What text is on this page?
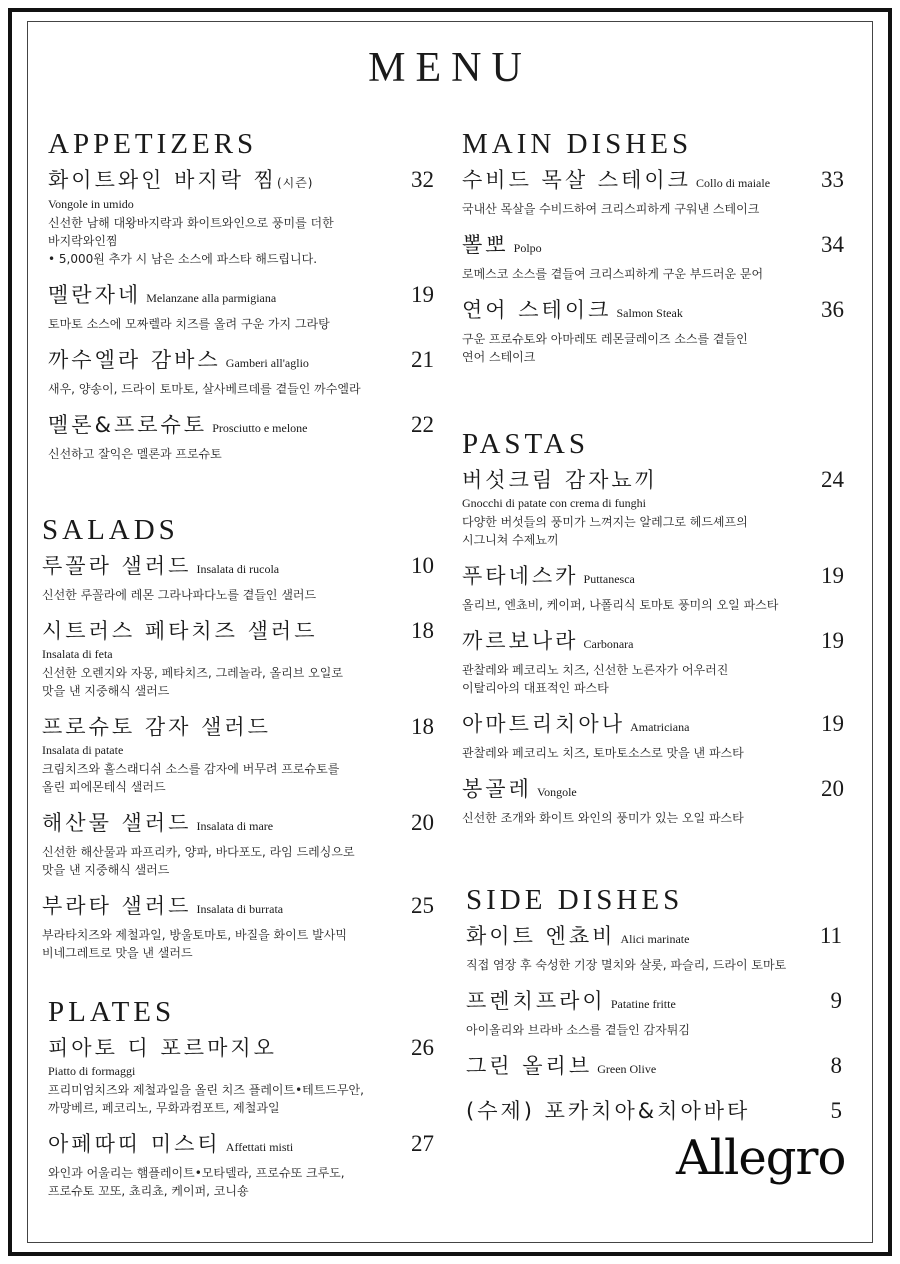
MENU
APPETIZERS
화이트와인 바지락 찜(시즌)	32
Vongole in umido
신선한 남해 대왕바지락과 화이트와인으로 풍미를 더한
바지락와인찜
• 5,000원 추가 시 남은 소스에 파스타 해드립니다.
멜란자네 Melanzane alla parmigiana	19
토마토 소스에 모짜렐라 치즈를 올려 구운 가지 그라탕
까수엘라 감바스 Gamberi all'aglio	21
새우, 양송이, 드라이 토마토, 살사베르데를 곁들인 까수엘라
멜론&프로슈토 Prosciutto e melone	22
신선하고 잘익은 멜론과 프로슈토
SALADS
루꼴라 샐러드 Insalata di rucola	10
신선한 루꼴라에 레몬 그라나파다노를 곁들인 샐러드
시트러스 페타치즈 샐러드	18
Insalata di feta
신선한 오렌지와 자몽, 페타치즈, 그레놀라, 올리브 오일로
맛을 낸 지중해식 샐러드
프로슈토 감자 샐러드	18
Insalata di patate
크림치즈와 홀스래디쉬 소스를 감자에 버무려 프로슈토를
올린 피에몬테식 샐러드
해산물 샐러드 Insalata di mare	20
신선한 해산물과 파프리카, 양파, 바다포도, 라임 드레싱으로
맛을 낸 지중해식 샐러드
부라타 샐러드 Insalata di burrata	25
부라타치즈와 제철과일, 방울토마토, 바질을 화이트 발사믹
비네그레트로 맛을 낸 샐러드
PLATES
피아토 디 포르마지오	26
Piatto di formaggi
프리미엄치즈와 제철과일을 올린 치즈 플레이트•테트드무안,
까망베르, 페코리노, 무화과컴포트, 제철과일
아페따띠 미스티 Affettati misti	27
와인과 어울리는 햄플레이트•모타델라, 프로슈또 크루도,
프로슈토 꼬또, 쵸리쵸, 케이퍼, 코니숑
MAIN DISHES
수비드 목살 스테이크 Collo di maiale 33
국내산 목살을 수비드하여 크리스피하게 구워낸 스테이크
뽈뽀 Polpo	34
로메스코 소스를 곁들여 크리스피하게 구운 부드러운 문어
연어 스테이크 Salmon Steak	36
구운 프로슈토와 아마레또 레몬글레이즈 소스를 곁들인
연어 스테이크
PASTAS
버섯크림 감자뇨끼	24
Gnocchi di patate con crema di funghi
다양한 버섯들의 풍미가 느껴지는 알레그로 헤드셰프의
시그니쳐 수제뇨끼
푸타네스카 Puttanesca	19
올리브, 엔쵸비, 케이퍼, 나폴리식 토마토 풍미의 오일 파스타
까르보나라 Carbonara	19
관찰레와 페코리노 치즈, 신선한 노른자가 어우러진
이탈리아의 대표적인 파스타
아마트리치아나 Amatriciana	19
관찰레와 페코리노 치즈, 토마토소스로 맛을 낸 파스타
봉골레 Vongole	20
신선한 조개와 화이트 와인의 풍미가 있는 오일 파스타
SIDE DISHES
화이트 엔쵸비 Alici marinate	11
직접 염장 후 숙성한 기장 멸치와 살롯, 파슬리, 드라이 토마토
프렌치프라이 Patatine fritte	9
아이올리와 브라바 소스를 곁들인 감자튀김
그린 올리브 Green Olive	8
(수제) 포카치아&치아바타	5
Allegro
